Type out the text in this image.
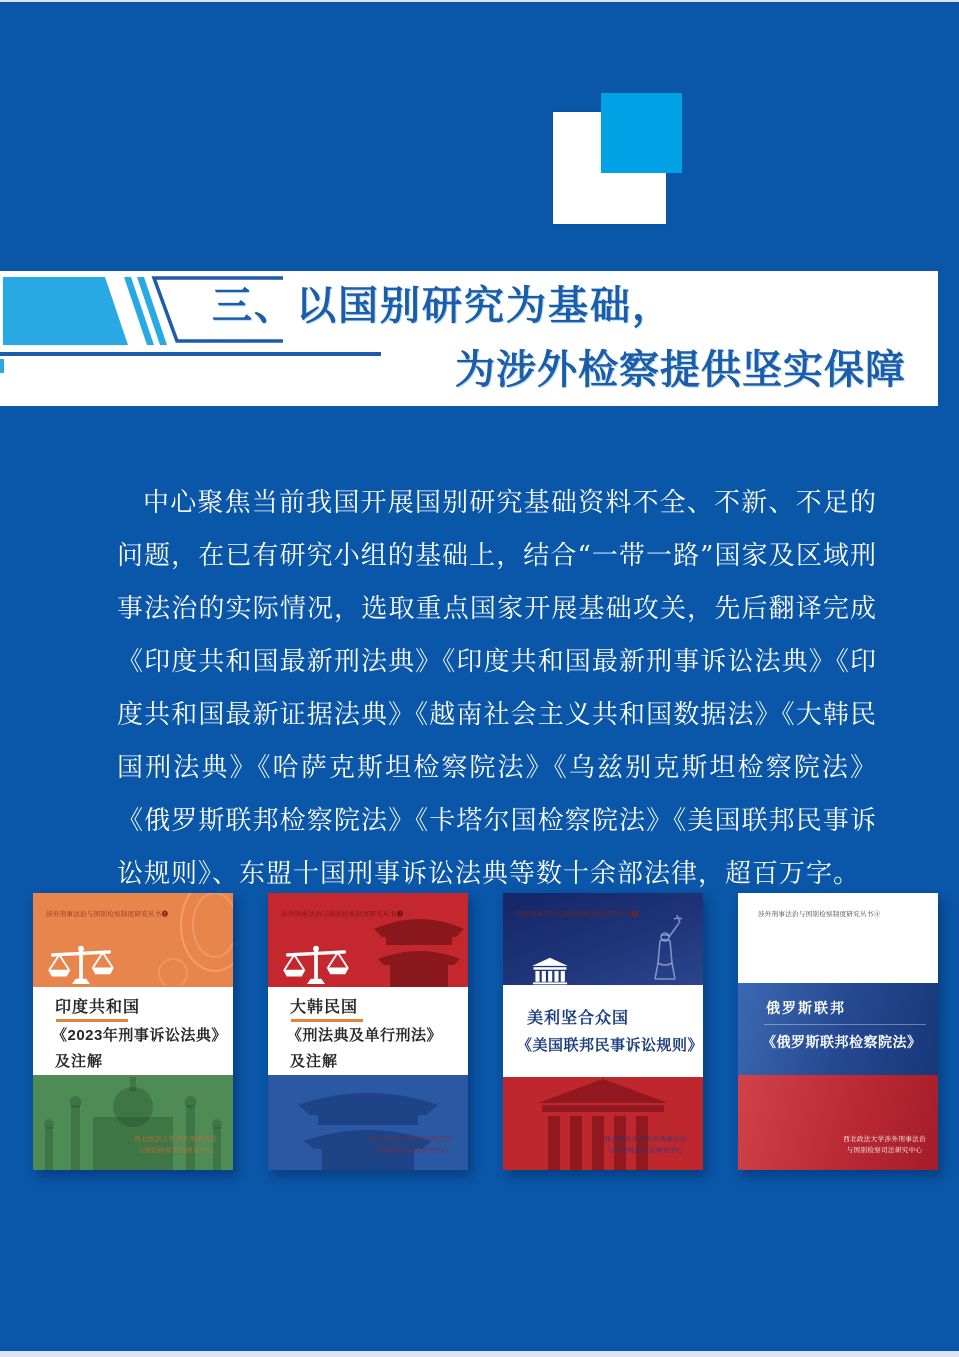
三、以国别研究为基础，
为涉外检察提供坚实保障
中心聚焦当前我国开展国别研究基础资料不全、不新、不足的问题，在已有研究小组的基础上，结合“一带一路”国家及区域刑事法治的实际情况，选取重点国家开展基础攻关，先后翻译完成《印度共和国最新刑法典》《印度共和国最新刑事诉讼法典》《印度共和国最新证据法典》《越南社会主义共和国数据法》《大韩民国刑法典》《哈萨克斯坦检察院法》《乌兹别克斯坦检察院法》《俄罗斯联邦检察院法》《卡塔尔国检察院法》《美国联邦民事诉讼规则》、东盟十国刑事诉讼法典等数十余部法律，超百万字。
涉外刑事法治与国别检察制度研究丛书❶
印度共和国
《2023年刑事诉讼法典》
及注解
西北政法大学涉外刑事法治
与国别检察司法研究中心
涉外刑事法治与国别检察制度研究丛书❷
大韩民国
《刑法典及单行刑法》
及注解
西北政法大学涉外刑事法治
与国别检察司法研究中心
涉外刑事法治与国别检察制度研究丛书❸
美利坚合众国
《美国联邦民事诉讼规则》
西北政法大学涉外刑事法治
与国别检察司法研究中心
涉外刑事法治与国别检察制度研究丛书④
俄罗斯联邦
《俄罗斯联邦检察院法》
西北政法大学涉外刑事法治
与国别检察司法研究中心
